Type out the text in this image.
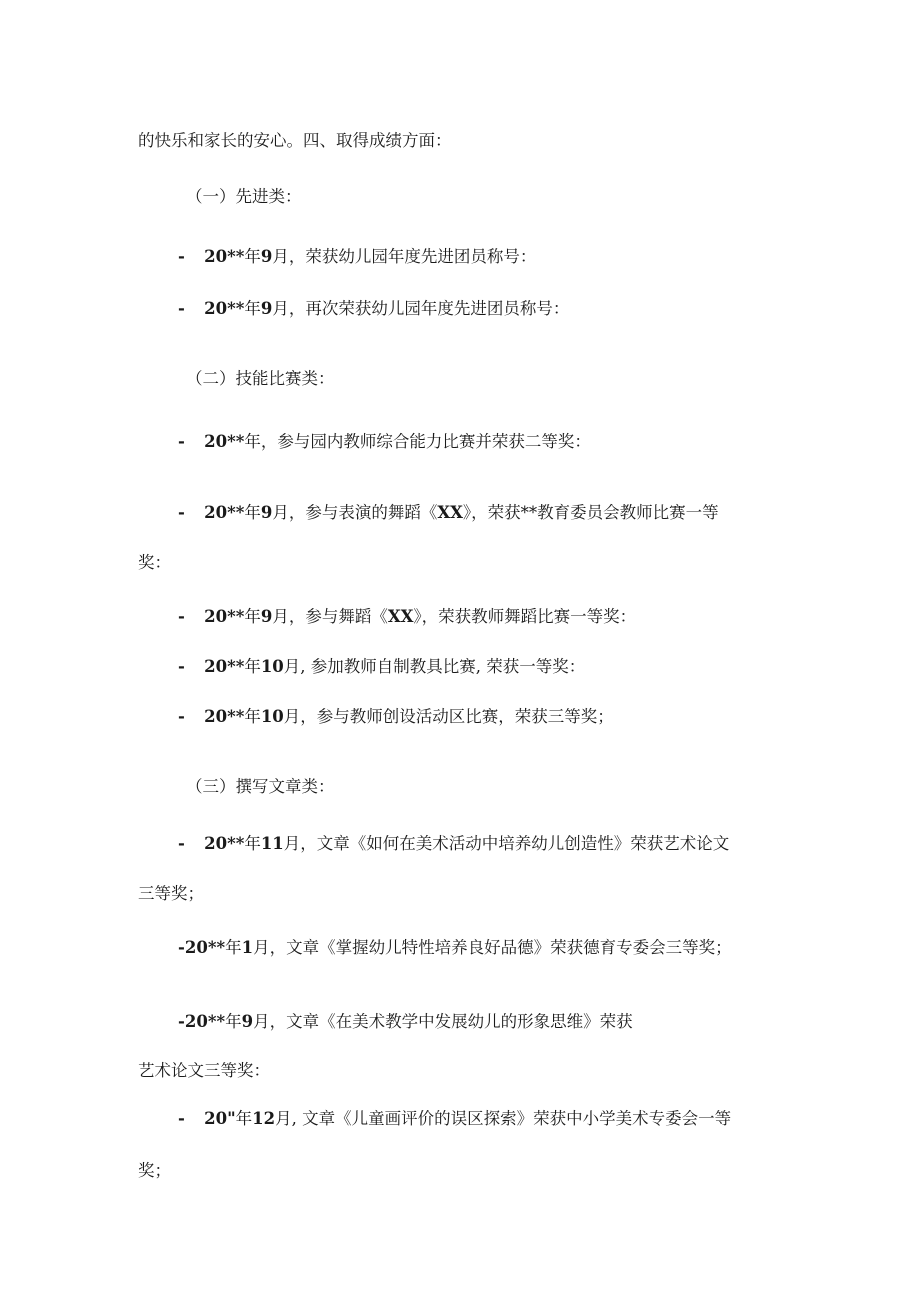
的快乐和家长的安心。四、取得成绩方面：
（一）先进类：
- 20**年9月，荣获幼儿园年度先进团员称号：
- 20**年9月，再次荣获幼儿园年度先进团员称号：
（二）技能比赛类：
- 20**年，参与园内教师综合能力比赛并荣获二等奖：
- 20**年9月，参与表演的舞蹈《XX》，荣获**教育委员会教师比赛一等
奖：
- 20**年9月，参与舞蹈《XX》，荣获教师舞蹈比赛一等奖：
- 20**年10月, 参加教师自制教具比赛, 荣获一等奖：
- 20**年10月，参与教师创设活动区比赛，荣获三等奖；
（三）撰写文章类：
- 20**年11月，文章《如何在美术活动中培养幼儿创造性》荣获艺术论文
三等奖；
-20**年1月，文章《掌握幼儿特性培养良好品德》荣获德育专委会三等奖；
-20**年9月，文章《在美术教学中发展幼儿的形象思维》荣获
艺术论文三等奖：
- 20"年12月, 文章《儿童画评价的误区探索》荣获中小学美术专委会一等
奖；
